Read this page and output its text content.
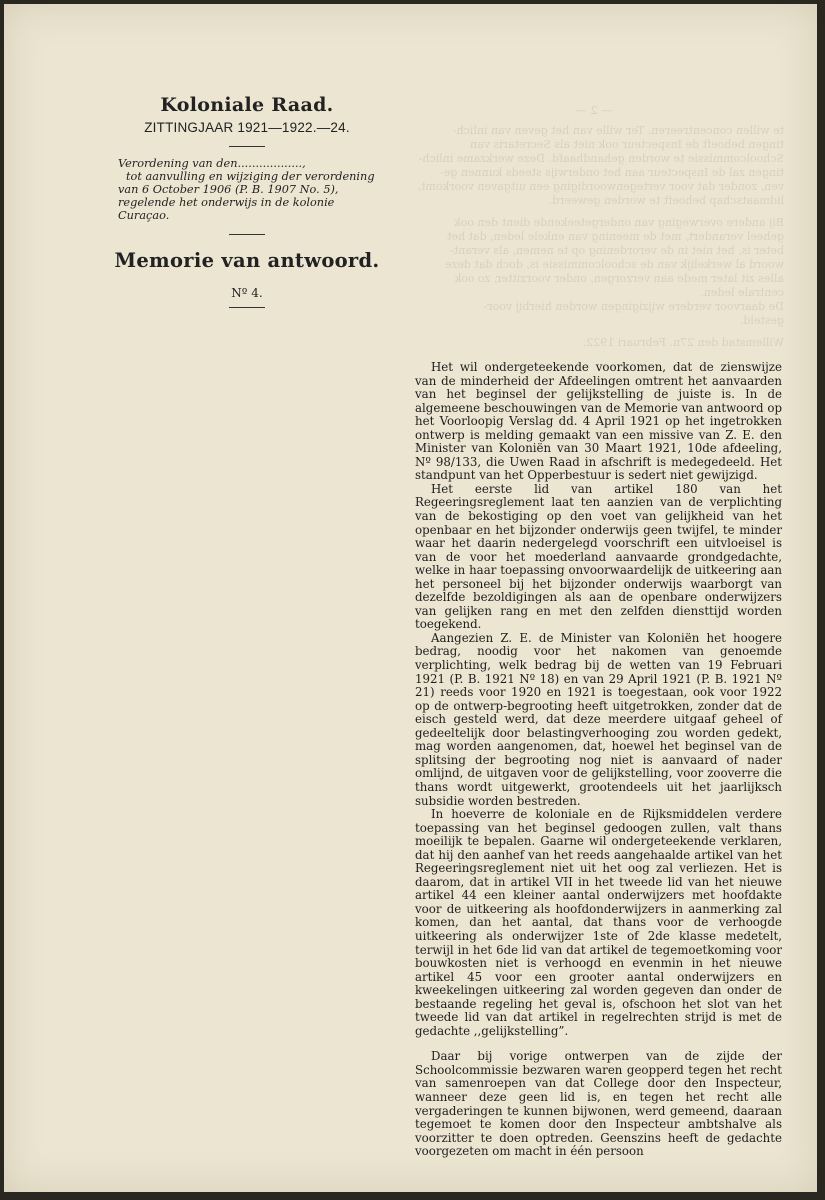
Koloniale Raad.
ZITTINGJAAR 1921—1922.—24.
Verordening van den..................,
tot aanvulling en wijziging der verordening
van 6 October 1906 (P. B. 1907 No. 5),
regelende het onderwijs in de kolonie Curaçao.
Memorie van antwoord.
Nº 4.
— 2 —
te willen concentreeren. Ter wille van het geven van inlich-
tingen behoeft de Inspecteur ook niet als Secretaris van
Schoolcommissie te worden gehandhaafd. Deze werkzame inlich-
tingen zal de Inspecteur aan het onderwijs steeds kunnen ge-
ven, zonder dat voor vertegenwoordiging een uitgaven voorkomt,
lidmaatschap behoeft te worden geweerd.
Bij andere overweging van ondergeteekende dient den ook
geheel verandert, met de meening van enkele leden, dat het
beter is, het niet in de verordening op te nemen, als verant-
woord al werkelijk van de schoolcommissie is, doch dat deze
alles zit later mede aan verzorgen, onder voorzitter, zo ook
centrale leden.
De daarvoor verdere wijzigingen worden hierbij voor-
gesteld.
Willemstad den 27n. Februari 1922.

Het wil ondergeteekende voorkomen, dat de zienswijze van de minderheid der Afdeelingen omtrent het aanvaarden van het beginsel der gelijkstelling de juiste is. In de algemeene beschouwingen van de Memorie van antwoord op het Voorloopig Verslag dd. 4 April 1921 op het ingetrokken ontwerp is melding gemaakt van een missive van Z. E. den Minister van Koloniën van 30 Maart 1921, 10de afdeeling, Nº 98/133, die Uwen Raad in afschrift is medegedeeld. Het standpunt van het Opperbestuur is sedert niet gewijzigd.

Het eerste lid van artikel 180 van het Regeeringsreglement laat ten aanzien van de verplichting van de bekostiging op den voet van gelijkheid van het openbaar en het bijzonder onderwijs geen twijfel, te minder waar het daarin nedergelegd voorschrift een uitvloeisel is van de voor het moederland aanvaarde grondgedachte, welke in haar toepassing onvoorwaardelijk de uitkeering aan het personeel bij het bijzonder onderwijs waarborgt van dezelfde bezoldigingen als aan de openbare onderwijzers van gelijken rang en met den zelfden diensttijd worden toegekend.

Aangezien Z. E. de Minister van Koloniën het hoogere bedrag, noodig voor het nakomen van genoemde verplichting, welk bedrag bij de wetten van 19 Februari 1921 (P. B. 1921 Nº 18) en van 29 April 1921 (P. B. 1921 Nº 21) reeds voor 1920 en 1921 is toegestaan, ook voor 1922 op de ontwerp-begrooting heeft uitgetrokken, zonder dat de eisch gesteld werd, dat deze meerdere uitgaaf geheel of gedeeltelijk door belastingverhooging zou worden gedekt, mag worden aangenomen, dat, hoewel het beginsel van de splitsing der begrooting nog niet is aanvaard of nader omlijnd, de uitgaven voor de gelijkstelling, voor zooverre die thans wordt uitgewerkt, grootendeels uit het jaarlijksch subsidie worden bestreden.

In hoeverre de koloniale en de Rijksmiddelen verdere toepassing van het beginsel gedoogen zullen, valt thans moeilijk te bepalen. Gaarne wil ondergeteekende verklaren, dat hij den aanhef van het reeds aangehaalde artikel van het Regeeringsreglement niet uit het oog zal verliezen. Het is daarom, dat in artikel VII in het tweede lid van het nieuwe artikel 44 een kleiner aantal onderwijzers met hoofdakte voor de uitkeering als hoofdonderwijzers in aanmerking zal komen, dan het aantal, dat thans voor de verhoogde uitkeering als onderwijzer 1ste of 2de klasse medetelt, terwijl in het 6de lid van dat artikel de tegemoetkoming voor bouwkosten niet is verhoogd en evenmin in het nieuwe artikel 45 voor een grooter aantal onderwijzers en kweekelingen uitkeering zal worden gegeven dan onder de bestaande regeling het geval is, ofschoon het slot van het tweede lid van dat artikel in regelrechten strijd is met de gedachte ,,gelijkstelling”.

Daar bij vorige ontwerpen van de zijde der Schoolcommissie bezwaren waren geopperd tegen het recht van samenroepen van dat College door den Inspecteur, wanneer deze geen lid is, en tegen het recht alle vergaderingen te kunnen bijwonen, werd gemeend, daaraan tegemoet te komen door den Inspecteur ambtshalve als voorzitter te doen optreden. Geenszins heeft de gedachte voorgezeten om macht in één persoon
